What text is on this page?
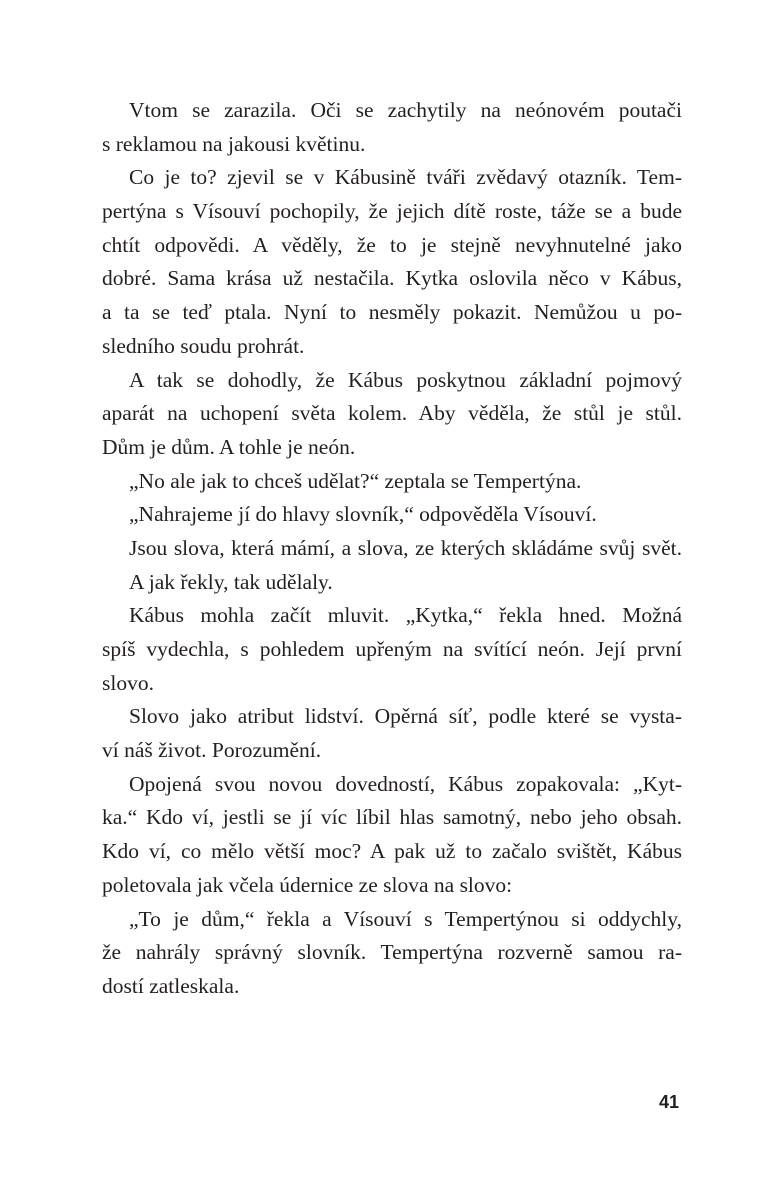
Vtom se zarazila. Oči se zachytily na neónovém poutači
s reklamou na jakousi květinu.
Co je to? zjevil se v Kábusině tváři zvědavý otazník. Tem-
pertýna s Vísouví pochopily, že jejich dítě roste, táže se a bude
chtít odpovědi. A věděly, že to je stejně nevyhnutelné jako
dobré. Sama krása už nestačila. Kytka oslovila něco v Kábus,
a ta se teď ptala. Nyní to nesměly pokazit. Nemůžou u po-
sledního soudu prohrát.
A tak se dohodly, že Kábus poskytnou základní pojmový
aparát na uchopení světa kolem. Aby věděla, že stůl je stůl.
Dům je dům. A tohle je neón.
„No ale jak to chceš udělat?“ zeptala se Tempertýna.
„Nahrajeme jí do hlavy slovník,“ odpověděla Vísouví.
Jsou slova, která mámí, a slova, ze kterých skládáme svůj svět.
A jak řekly, tak udělaly.
Kábus mohla začít mluvit. „Kytka,“ řekla hned. Možná
spíš vydechla, s pohledem upřeným na svítící neón. Její první
slovo.
Slovo jako atribut lidství. Opěrná síť, podle které se vysta-
ví náš život. Porozumění.
Opojená svou novou dovedností, Kábus zopakovala: „Kyt-
ka.“ Kdo ví, jestli se jí víc líbil hlas samotný, nebo jeho obsah.
Kdo ví, co mělo větší moc? A pak už to začalo svištět, Kábus
poletovala jak včela údernice ze slova na slovo:
„To je dům,“ řekla a Vísouví s Tempertýnou si oddychly,
že nahrály správný slovník. Tempertýna rozverně samou ra-
dostí zatleskala.
41
